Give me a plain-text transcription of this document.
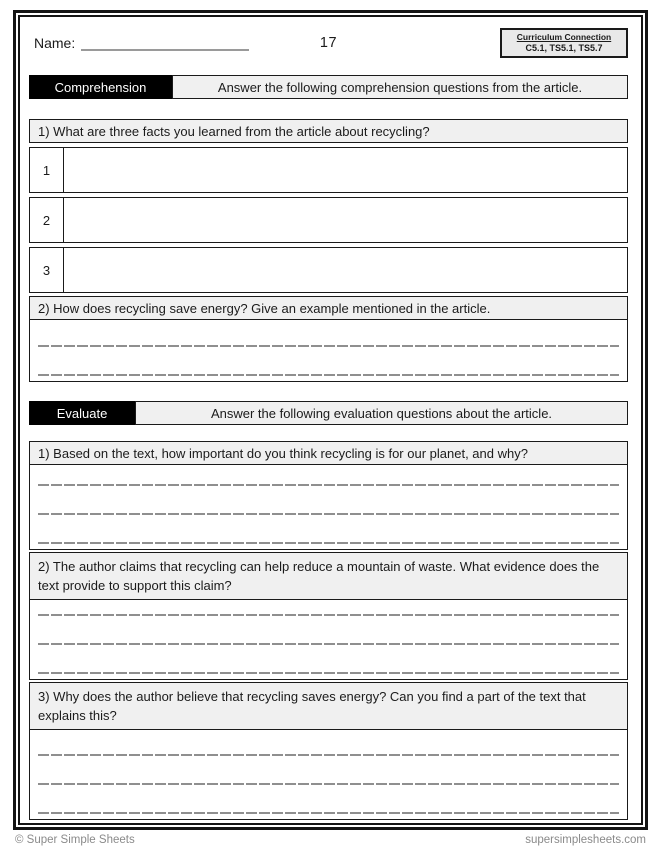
Name:	17	Curriculum Connection
C5.1, TS5.1, TS5.7
Comprehension	Answer the following comprehension questions from the article.
1) What are three facts you learned from the article about recycling?
1
2
3
2) How does recycling save energy? Give an example mentioned in the article.
Evaluate	Answer the following evaluation questions about the article.
1) Based on the text, how important do you think recycling is for our planet, and why?
2) The author claims that recycling can help reduce a mountain of waste. What evidence does the text provide to support this claim?
3) Why does the author believe that recycling saves energy? Can you find a part of the text that explains this?
© Super Simple Sheets	supersimplesheets.com
